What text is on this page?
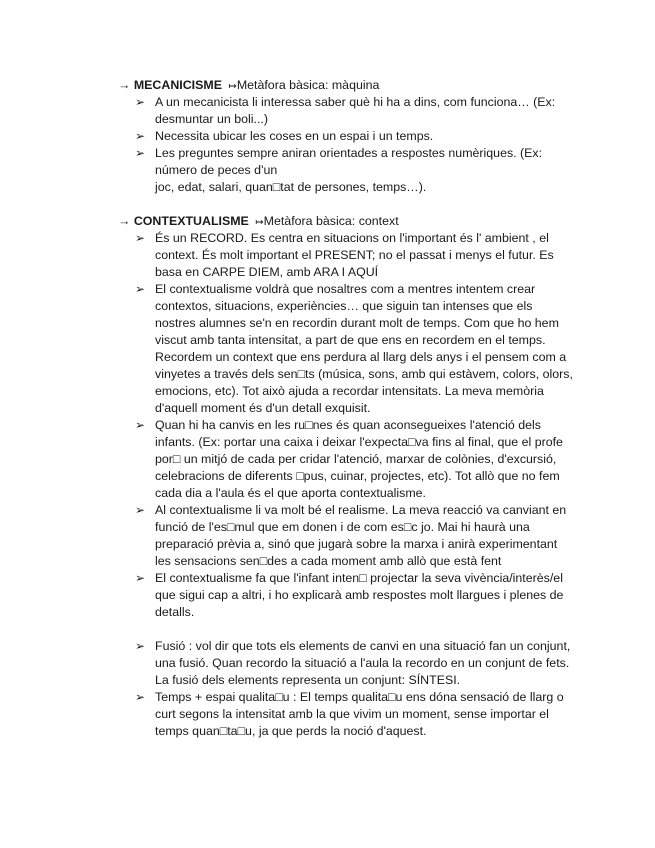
→ MECANICISME ↦Metàfora bàsica: màquina
➢ A un mecanicista li interessa saber què hi ha a dins, com funciona… (Ex: desmuntar un boli...)
➢ Necessita ubicar les coses en un espai i un temps.
➢ Les preguntes sempre aniran orientades a respostes numèriques. (Ex: número de peces d'un
joc, edat, salari, quan□tat de persones, temps…).
→ CONTEXTUALISME ↦Metàfora bàsica: context
➢ És un RECORD. Es centra en situacions on l'important és l' ambient , el context. És molt important el PRESENT; no el passat i menys el futur. Es basa en CARPE DIEM, amb ARA I AQUÍ
➢ El contextualisme voldrà que nosaltres com a mentres intentem crear contextos, situacions, experiències… que siguin tan intenses que els nostres alumnes se'n en recordin durant molt de temps. Com que ho hem viscut amb tanta intensitat, a part de que ens en recordem en el temps. Recordem un context que ens perdura al llarg dels anys i el pensem com a vinyetes a través dels sen□ts (música, sons, amb qui estàvem, colors, olors, emocions, etc). Tot això ajuda a recordar intensitats. La meva memòria d'aquell moment és d'un detall exquisit.
➢ Quan hi ha canvis en les ru□nes és quan aconsegueixes l'atenció dels infants. (Ex: portar una caixa i deixar l'expecta□va fins al final, que el profe por□ un mitjó de cada per cridar l'atenció, marxar de colònies, d'excursió, celebracions de diferents □pus, cuinar, projectes, etc). Tot allò que no fem cada dia a l'aula és el que aporta contextualisme.
➢ Al contextualisme li va molt bé el realisme. La meva reacció va canviant en funció de l'es□mul que em donen i de com es□c jo. Mai hi haurà una preparació prèvia a, sinó que jugarà sobre la marxa i anirà experimentant les sensacions sen□des a cada moment amb allò que està fent
➢ El contextualisme fa que l'infant inten□ projectar la seva vivència/interès/el que sigui cap a altri, i ho explicarà amb respostes molt llargues i plenes de detalls.
➢ Fusió : vol dir que tots els elements de canvi en una situació fan un conjunt, una fusió. Quan recordo la situació a l'aula la recordo en un conjunt de fets. La fusió dels elements representa un conjunt: SÍNTESI.
➢ Temps + espai qualita□u : El temps qualita□u ens dóna sensació de llarg o curt segons la intensitat amb la que vivim un moment, sense importar el temps quan□ta□u, ja que perds la noció d'aquest.
